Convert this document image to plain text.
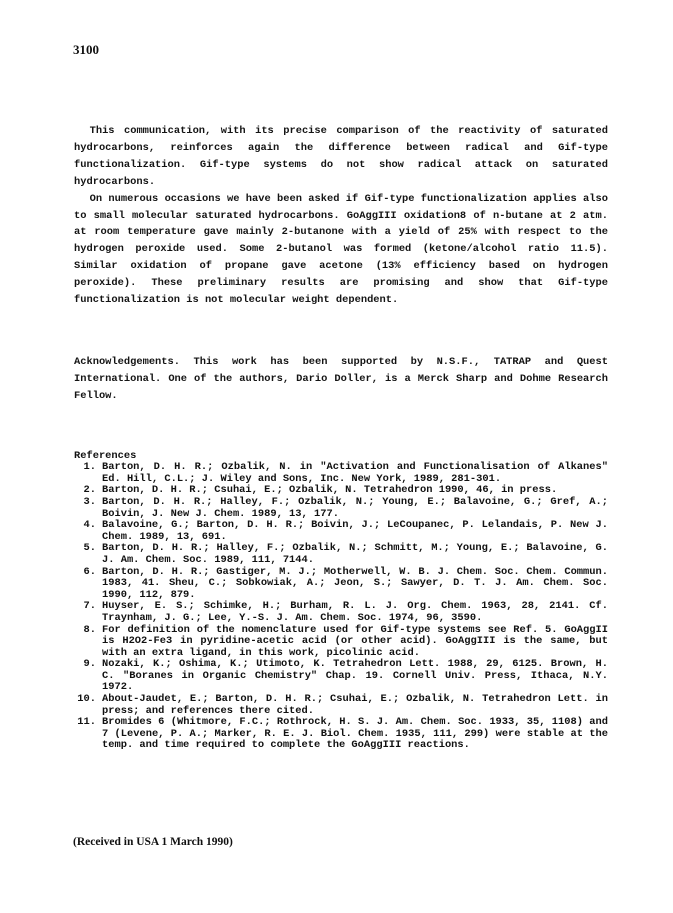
3100

This communication, with its precise comparison of the reactivity of saturated hydrocarbons, reinforces again the difference between radical and Gif-type functionalization. Gif-type systems do not show radical attack on saturated hydrocarbons.

On numerous occasions we have been asked if Gif-type functionalization applies also to small molecular saturated hydrocarbons. GoAggIII oxidation8 of n-butane at 2 atm. at room temperature gave mainly 2-butanone with a yield of 25% with respect to the hydrogen peroxide used. Some 2-butanol was formed (ketone/alcohol ratio 11.5). Similar oxidation of propane gave acetone (13% efficiency based on hydrogen peroxide). These preliminary results are promising and show that Gif-type functionalization is not molecular weight dependent.

Acknowledgements. This work has been supported by N.S.F., TATRAP and Quest International. One of the authors, Dario Doller, is a Merck Sharp and Dohme Research Fellow.

References

1. Barton, D. H. R.; Ozbalik, N. in "Activation and Functionalisation of Alkanes" Ed. Hill, C.L.; J. Wiley and Sons, Inc. New York, 1989, 281-301.
2. Barton, D. H. R.; Csuhai, E.; Ozbalik, N. Tetrahedron 1990, 46, in press.
3. Barton, D. H. R.; Halley, F.; Ozbalik, N.; Young, E.; Balavoine, G.; Gref, A.; Boivin, J. New J. Chem. 1989, 13, 177.
4. Balavoine, G.; Barton, D. H. R.; Boivin, J.; LeCoupanec, P. Lelandais, P. New J. Chem. 1989, 13, 691.
5. Barton, D. H. R.; Halley, F.; Ozbalik, N.; Schmitt, M.; Young, E.; Balavoine, G. J. Am. Chem. Soc. 1989, 111, 7144.
6. Barton, D. H. R.; Gastiger, M. J.; Motherwell, W. B. J. Chem. Soc. Chem. Commun. 1983, 41. Sheu, C.; Sobkowiak, A.; Jeon, S.; Sawyer, D. T. J. Am. Chem. Soc. 1990, 112, 879.
7. Huyser, E. S.; Schimke, H.; Burham, R. L. J. Org. Chem. 1963, 28, 2141. Cf. Traynham, J. G.; Lee, Y.-S. J. Am. Chem. Soc. 1974, 96, 3590.
8. For definition of the nomenclature used for Gif-type systems see Ref. 5. GoAggII is H2O2-Fe3 in pyridine-acetic acid (or other acid). GoAggIII is the same, but with an extra ligand, in this work, picolinic acid.
9. Nozaki, K.; Oshima, K.; Utimoto, K. Tetrahedron Lett. 1988, 29, 6125. Brown, H. C. "Boranes in Organic Chemistry" Chap. 19. Cornell Univ. Press, Ithaca, N.Y. 1972.
10. About-Jaudet, E.; Barton, D. H. R.; Csuhai, E.; Ozbalik, N. Tetrahedron Lett. in press; and references there cited.
11. Bromides 6 (Whitmore, F.C.; Rothrock, H. S. J. Am. Chem. Soc. 1933, 35, 1108) and 7 (Levene, P. A.; Marker, R. E. J. Biol. Chem. 1935, 111, 299) were stable at the temp. and time required to complete the GoAggIII reactions.
(Received in USA 1 March 1990)
